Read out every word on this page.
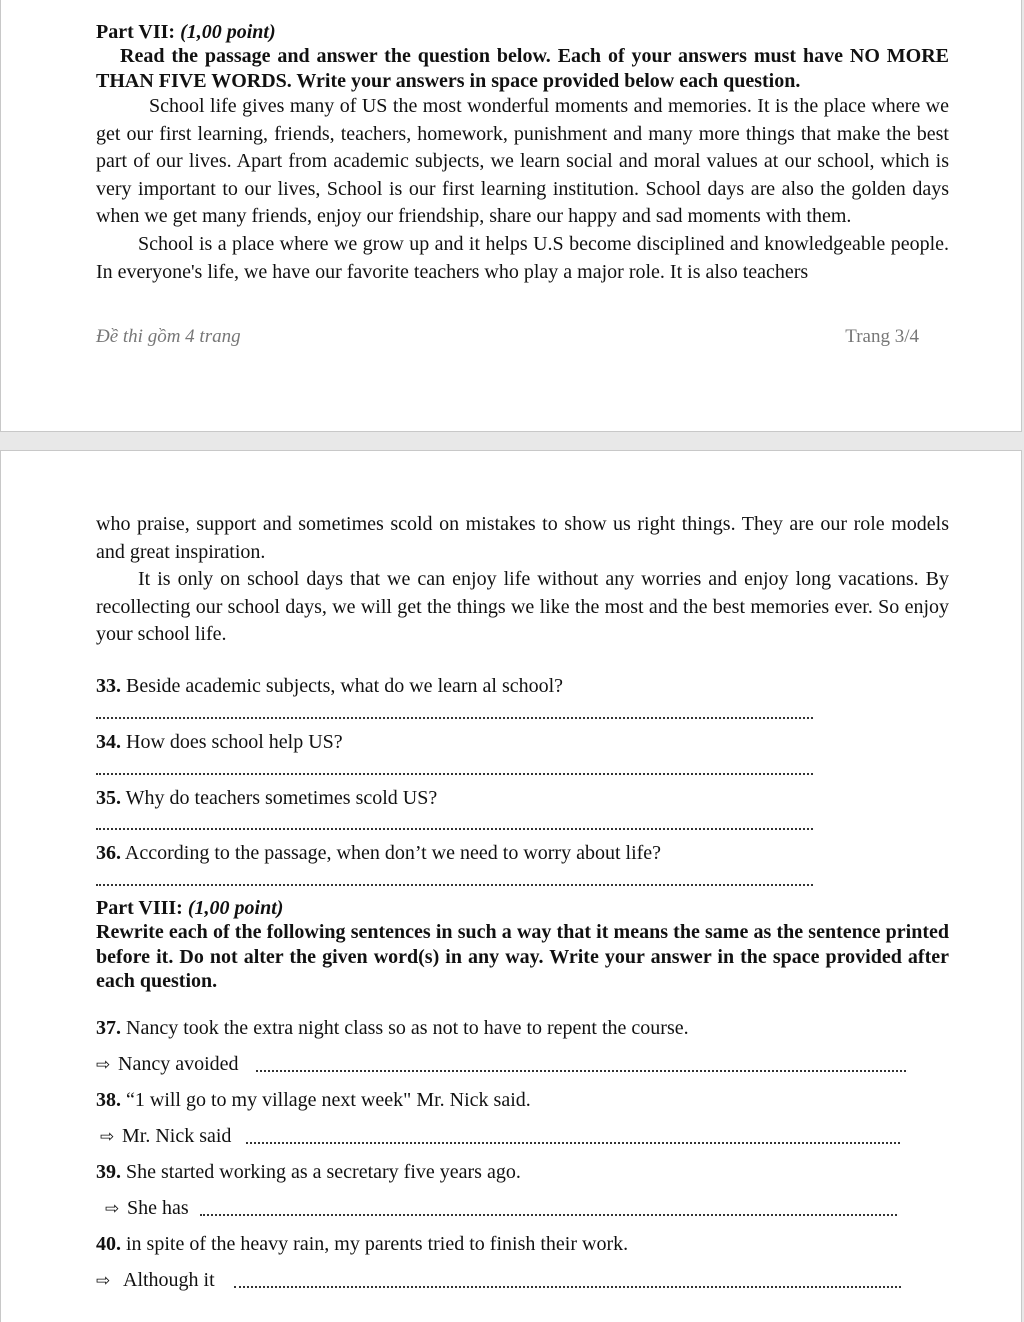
Part VII: (1,00 point)

Read the passage and answer the question below. Each of your answers must have NO MORE THAN FIVE WORDS. Write your answers in space provided below each question.

School life gives many of US the most wonderful moments and memories. It is the place where we get our first learning, friends, teachers, homework, punishment and many more things that make the best part of our lives. Apart from academic subjects, we learn social and moral values at our school, which is very important to our lives, School is our first learning institution. School days are also the golden days when we get many friends, enjoy our friendship, share our happy and sad moments with them.

School is a place where we grow up and it helps U.S become disciplined and knowledgeable people. In everyone's life, we have our favorite teachers who play a major role. It is also teachers

Đề thi gồm 4 trang	Trang 3/4

who praise, support and sometimes scold on mistakes to show us right things. They are our role models and great inspiration.

It is only on school days that we can enjoy life without any worries and enjoy long vacations. By recollecting our school days, we will get the things we like the most and the best memories ever. So enjoy your school life.

33. Beside academic subjects, what do we learn al school?
34. How does school help US?
35. Why do teachers sometimes scold US?
36. According to the passage, when don’t we need to worry about life?

Part VIII: (1,00 point)

Rewrite each of the following sentences in such a way that it means the same as the sentence printed before it. Do not alter the given word(s) in any way. Write your answer in the space provided after each question.

37. Nancy took the extra night class so as not to have to repent the course.
⇨ Nancy avoided
38. “1 will go to my village next week" Mr. Nick said.
⇨ Mr. Nick said
39. She started working as a secretary five years ago.
⇨ She has
40. in spite of the heavy rain, my parents tried to finish their work.
⇨ Although it
